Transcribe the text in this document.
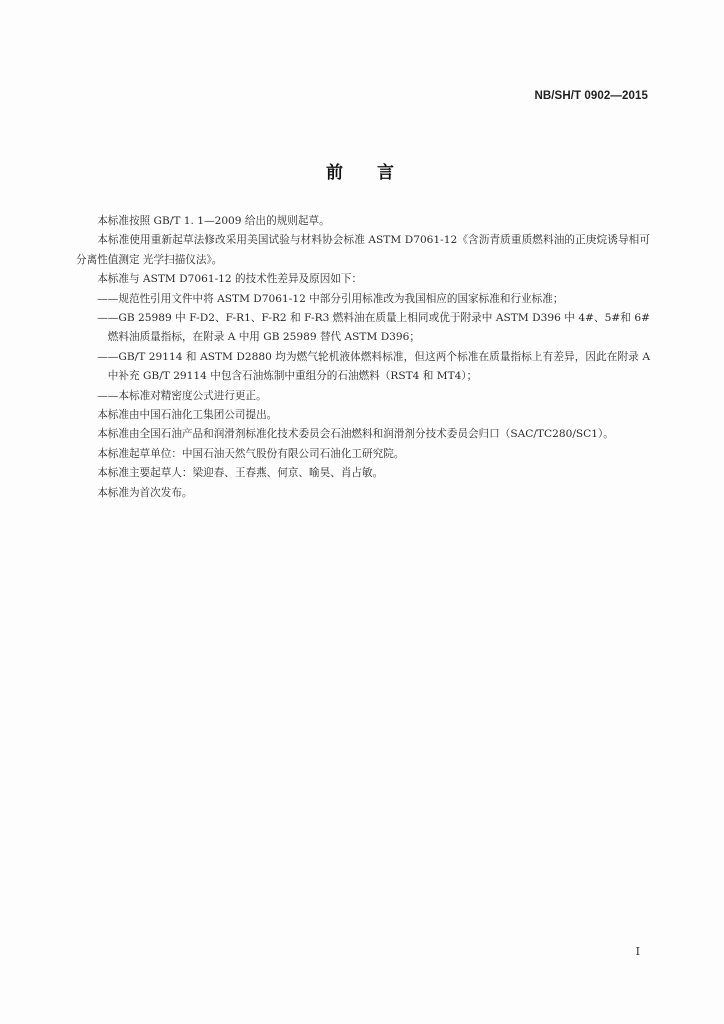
NB/SH/T 0902—2015
前言

本标准按照 GB/T 1. 1—2009 给出的规则起草。

本标准使用重新起草法修改采用美国试验与材料协会标准 ASTM D7061-12《含沥青质重质燃料油的正庚烷诱导相可分离性值测定 光学扫描仪法》。

本标准与 ASTM D7061-12 的技术性差异及原因如下：

——规范性引用文件中将 ASTM D7061-12 中部分引用标准改为我国相应的国家标准和行业标准；

——GB 25989 中 F-D2、F-R1、F-R2 和 F-R3 燃料油在质量上相同或优于附录中 ASTM D396 中 4#、5#和 6#燃料油质量指标，在附录 A 中用 GB 25989 替代 ASTM D396；

——GB/T 29114 和 ASTM D2880 均为燃气轮机液体燃料标准，但这两个标准在质量指标上有差异，因此在附录 A 中补充 GB/T 29114 中包含石油炼制中重组分的石油燃料（RST4 和 MT4）；

——本标准对精密度公式进行更正。

本标准由中国石油化工集团公司提出。

本标准由全国石油产品和润滑剂标准化技术委员会石油燃料和润滑剂分技术委员会归口（SAC/TC280/SC1）。

本标准起草单位：中国石油天然气股份有限公司石油化工研究院。

本标准主要起草人：梁迎春、王春燕、何京、喻昊、肖占敏。

本标准为首次发布。

I
